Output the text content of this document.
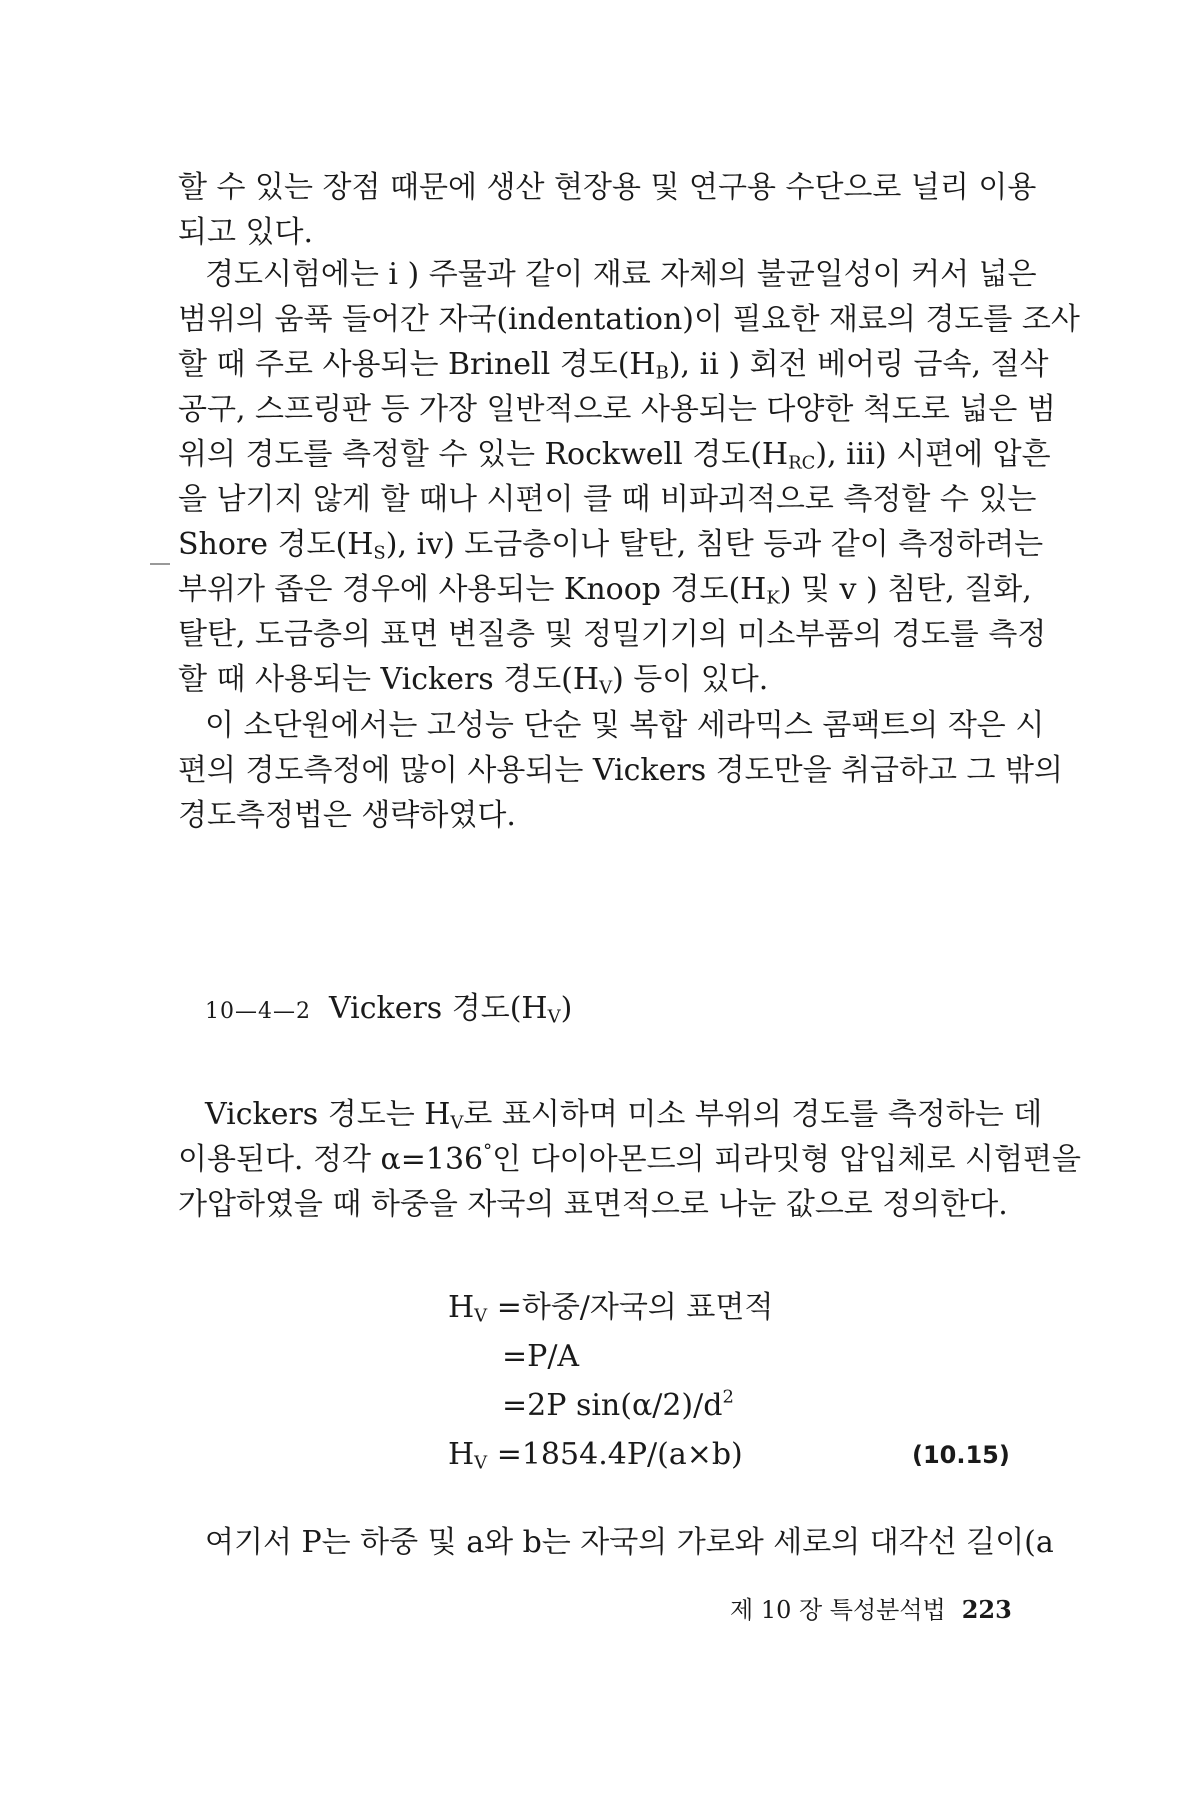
할 수 있는 장점 때문에 생산 현장용 및 연구용 수단으로 널리 이용
되고 있다.
경도시험에는 i ) 주물과 같이 재료 자체의 불균일성이 커서 넓은
범위의 움푹 들어간 자국(indentation)이 필요한 재료의 경도를 조사
할 때 주로 사용되는 Brinell 경도$(H_B)$, ii ) 회전 베어링 금속, 절삭
공구, 스프링판 등 가장 일반적으로 사용되는 다양한 척도로 넓은 범
위의 경도를 측정할 수 있는 Rockwell 경도$(H_{RC})$, iii) 시편에 압흔
을 남기지 않게 할 때나 시편이 클 때 비파괴적으로 측정할 수 있는
Shore 경도$(H_S)$, iv) 도금층이나 탈탄, 침탄 등과 같이 측정하려는
부위가 좁은 경우에 사용되는 Knoop 경도$(H_K)$ 및 v ) 침탄, 질화,
탈탄, 도금층의 표면 변질층 및 정밀기기의 미소부품의 경도를 측정
할 때 사용되는 Vickers 경도$(H_V)$ 등이 있다.
이 소단원에서는 고성능 단순 및 복합 세라믹스 콤팩트의 작은 시
편의 경도측정에 많이 사용되는 Vickers 경도만을 취급하고 그 밖의
경도측정법은 생략하였다.
10—4—2 Vickers 경도$(H_V)$
Vickers 경도는 $H_V$로 표시하며 미소 부위의 경도를 측정하는 데
이용된다. 정각 α=136°인 다이아몬드의 피라밋형 압입체로 시험편을
가압하였을 때 하중을 자국의 표면적으로 나눈 값으로 정의한다.
$H_V$ =하중/자국의 표면적
=P/A
=2P $\sin(\alpha/2)/d^2$
$H_V =1854.4P/(a\times b)$	(10.15)
여기서 P는 하중 및 a와 b는 자국의 가로와 세로의 대각선 길이(a
제 10 장 특성분석법 223
